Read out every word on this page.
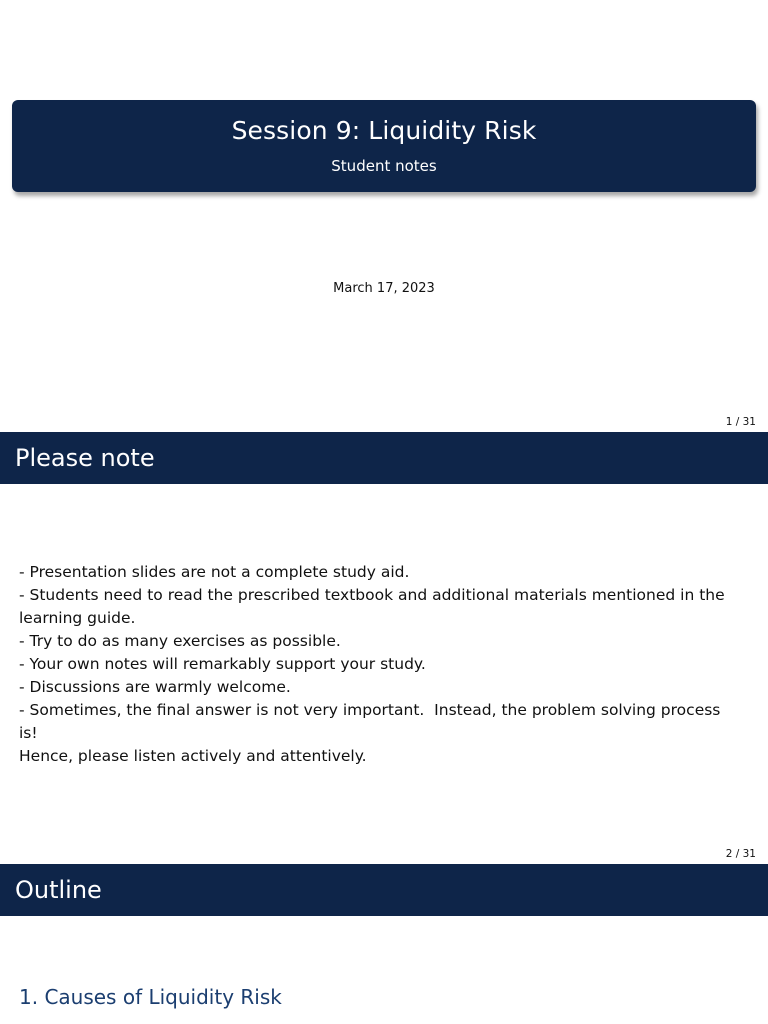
Session 9: Liquidity Risk
Student notes
March 17, 2023
1 / 31
Please note
- Presentation slides are not a complete study aid.
- Students need to read the prescribed textbook and additional materials mentioned in the
learning guide.
- Try to do as many exercises as possible.
- Your own notes will remarkably support your study.
- Discussions are warmly welcome.
- Sometimes, the final answer is not very important.  Instead, the problem solving process is!
Hence, please listen actively and attentively.
2 / 31
Outline
1. Causes of Liquidity Risk
